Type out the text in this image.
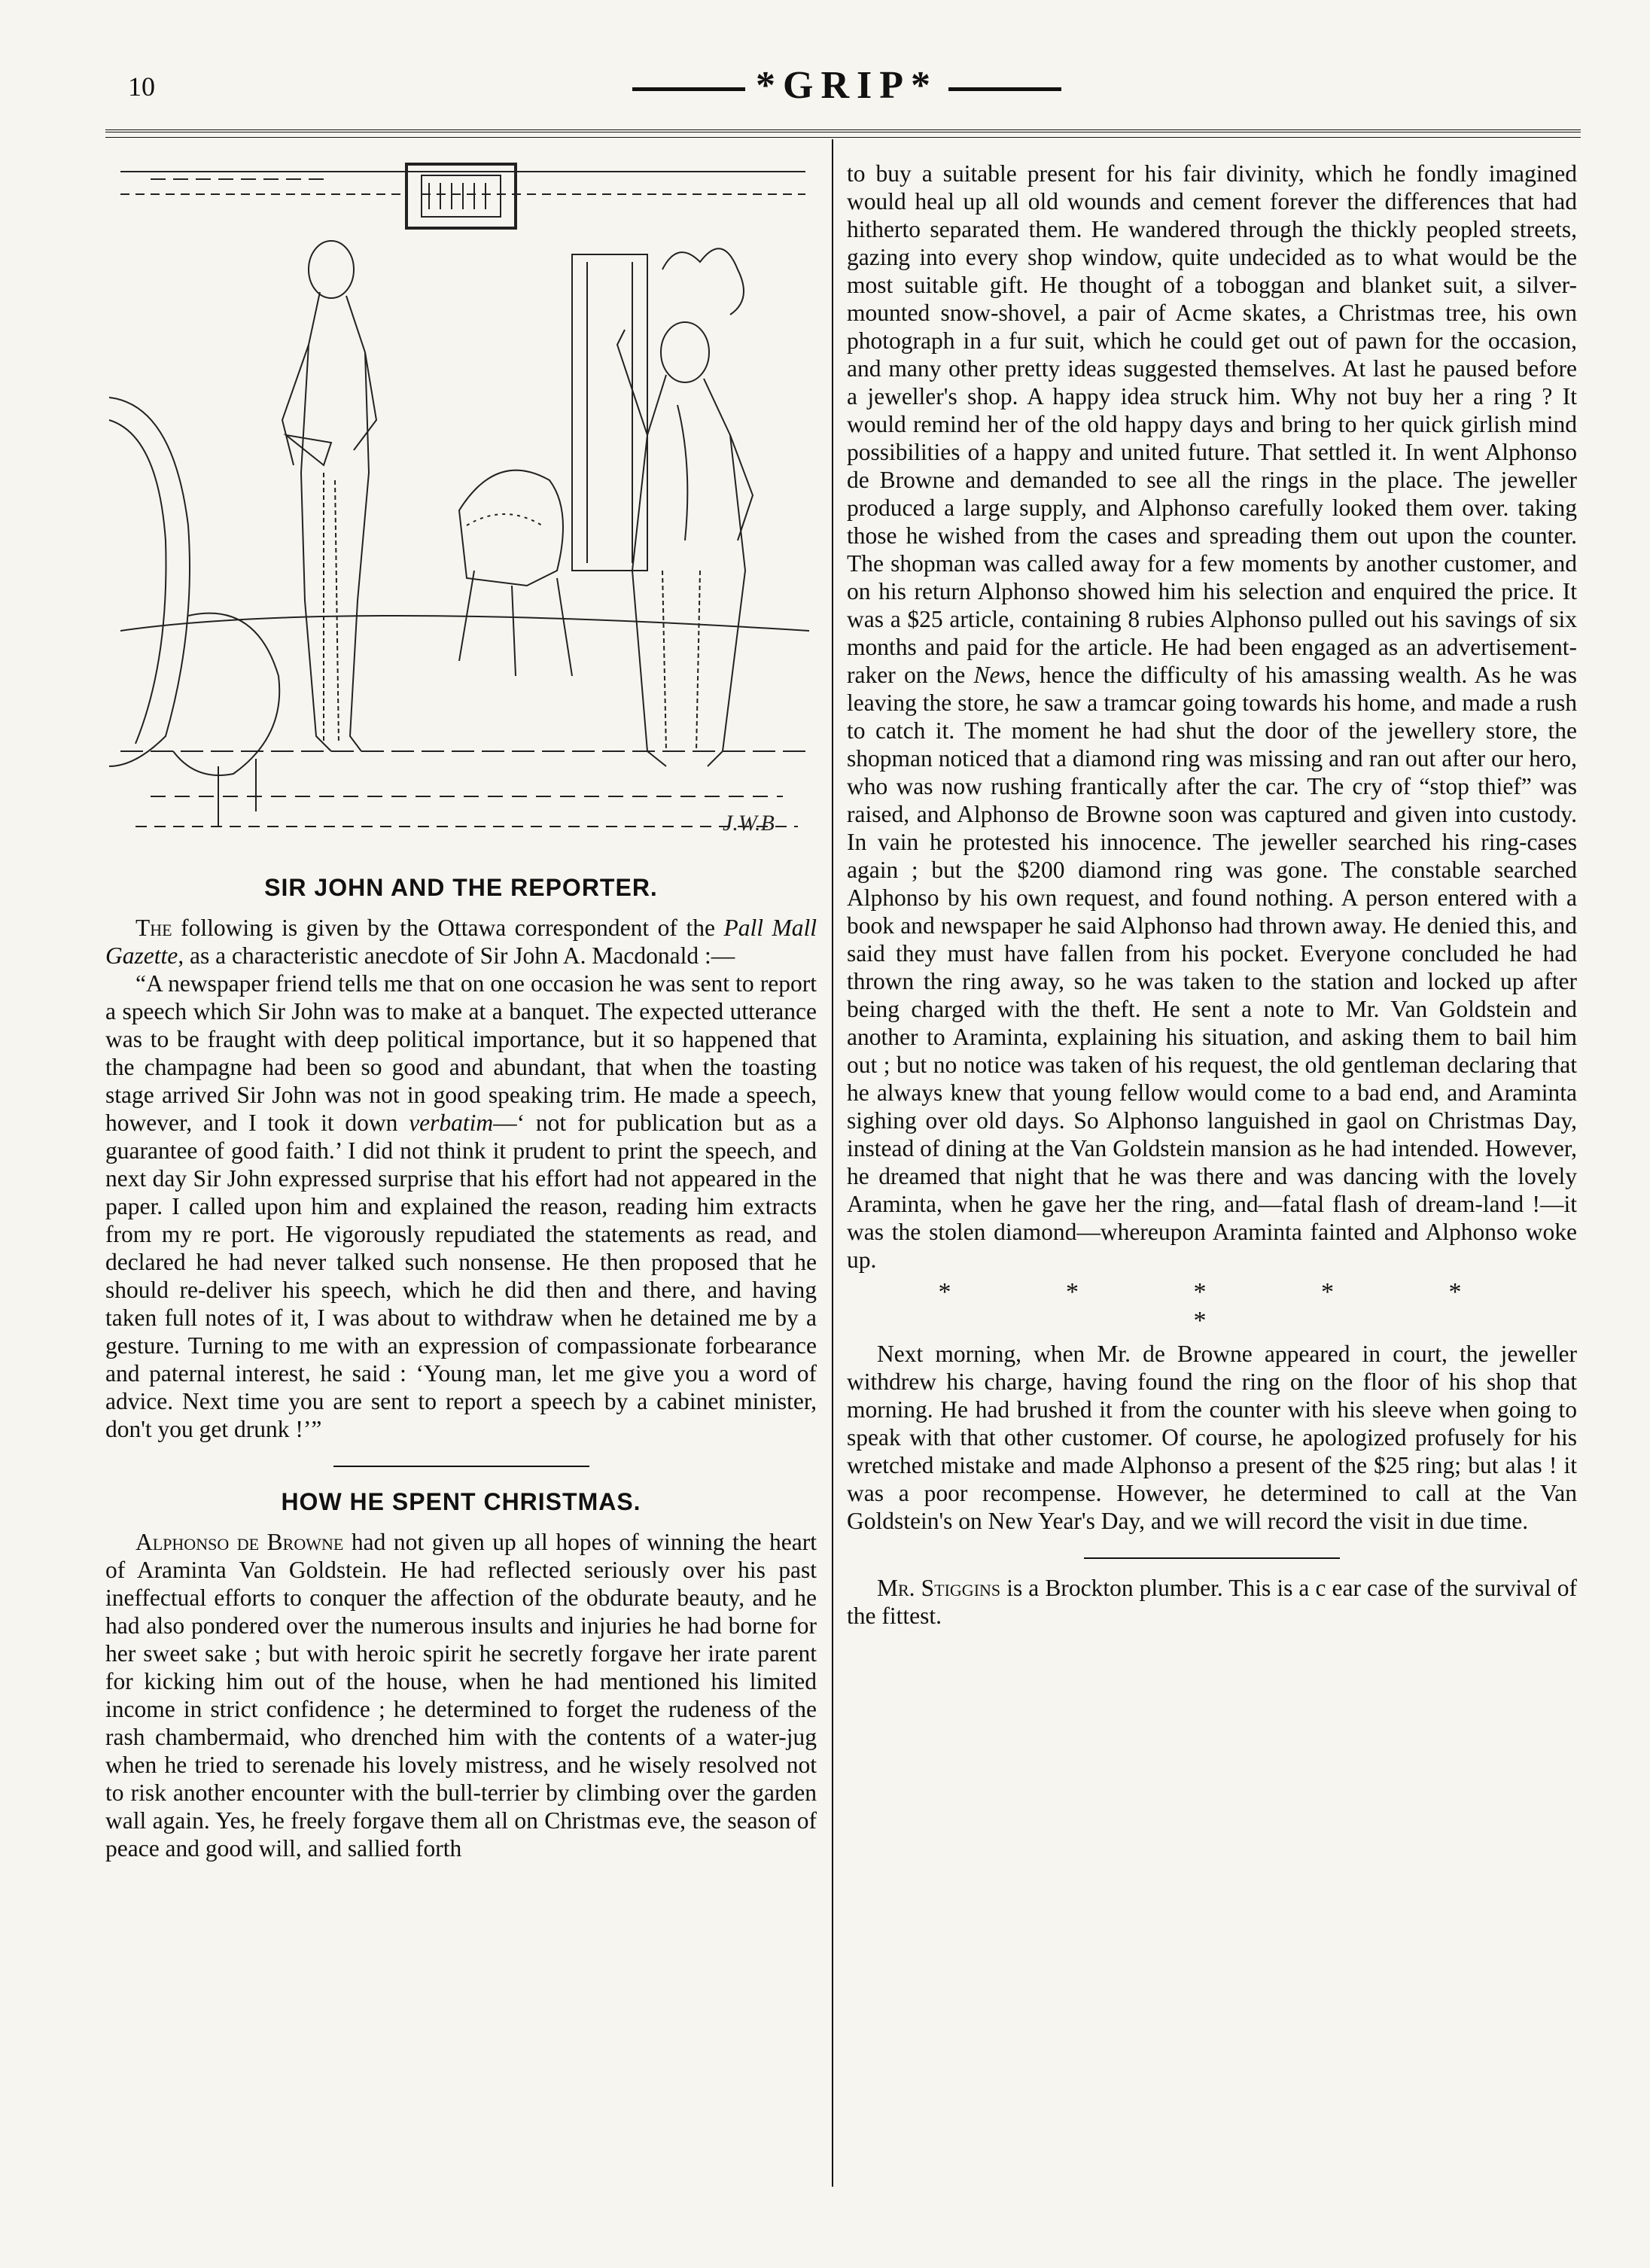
10	*GRIP*
J.W.B
SIR JOHN AND THE REPORTER.

The following is given by the Ottawa correspondent of the Pall Mall Gazette, as a characteristic anecdote of Sir John A. Macdonald :—

“A newspaper friend tells me that on one occasion he was sent to report a speech which Sir John was to make at a banquet. The expected utterance was to be fraught with deep political importance, but it so happened that the champagne had been so good and abundant, that when the toasting stage arrived Sir John was not in good speaking trim. He made a speech, however, and I took it down verbatim—‘ not for publication but as a guarantee of good faith.’ I did not think it prudent to print the speech, and next day Sir John expressed surprise that his effort had not appeared in the paper. I called upon him and explained the reason, reading him extracts from my re port. He vigorously repudiated the statements as read, and declared he had never talked such nonsense. He then proposed that he should re-deliver his speech, which he did then and there, and having taken full notes of it, I was about to withdraw when he detained me by a gesture. Turning to me with an expression of compassionate forbearance and paternal interest, he said : ‘Young man, let me give you a word of advice. Next time you are sent to report a speech by a cabinet minister, don't you get drunk !’”

HOW HE SPENT CHRISTMAS.

Alphonso de Browne had not given up all hopes of winning the heart of Araminta Van Goldstein. He had reflected seriously over his past ineffectual efforts to conquer the affection of the obdurate beauty, and he had also pondered over the numerous insults and injuries he had borne for her sweet sake ; but with heroic spirit he secretly forgave her irate parent for kicking him out of the house, when he had mentioned his limited income in strict confidence ; he determined to forget the rudeness of the rash chambermaid, who drenched him with the contents of a water-jug when he tried to serenade his lovely mistress, and he wisely resolved not to risk another encounter with the bull-terrier by climbing over the garden wall again. Yes, he freely forgave them all on Christmas eve, the season of peace and good will, and sallied forth

to buy a suitable present for his fair divinity, which he fondly imagined would heal up all old wounds and cement forever the differences that had hitherto separated them. He wandered through the thickly peopled streets, gazing into every shop window, quite undecided as to what would be the most suitable gift. He thought of a toboggan and blanket suit, a silver-mounted snow-shovel, a pair of Acme skates, a Christmas tree, his own photograph in a fur suit, which he could get out of pawn for the occasion, and many other pretty ideas suggested themselves. At last he paused before a jeweller's shop. A happy idea struck him. Why not buy her a ring ? It would remind her of the old happy days and bring to her quick girlish mind possibilities of a happy and united future. That settled it. In went Alphonso de Browne and demanded to see all the rings in the place. The jeweller produced a large supply, and Alphonso carefully looked them over. taking those he wished from the cases and spreading them out upon the counter. The shopman was called away for a few moments by another customer, and on his return Alphonso showed him his selection and enquired the price. It was a $25 article, containing 8 rubies Alphonso pulled out his savings of six months and paid for the article. He had been engaged as an advertisement-raker on the News, hence the difficulty of his amassing wealth. As he was leaving the store, he saw a tramcar going towards his home, and made a rush to catch it. The moment he had shut the door of the jewellery store, the shopman noticed that a diamond ring was missing and ran out after our hero, who was now rushing frantically after the car. The cry of “stop thief” was raised, and Alphonso de Browne soon was captured and given into custody. In vain he protested his innocence. The jeweller searched his ring-cases again ; but the $200 diamond ring was gone. The constable searched Alphonso by his own request, and found nothing. A person entered with a book and newspaper he said Alphonso had thrown away. He denied this, and said they must have fallen from his pocket. Everyone concluded he had thrown the ring away, so he was taken to the station and locked up after being charged with the theft. He sent a note to Mr. Van Goldstein and another to Araminta, explaining his situation, and asking them to bail him out ; but no notice was taken of his request, the old gentleman declaring that he always knew that young fellow would come to a bad end, and Araminta sighing over old days. So Alphonso languished in gaol on Christmas Day, instead of dining at the Van Goldstein mansion as he had intended. However, he dreamed that night that he was there and was dancing with the lovely Araminta, when he gave her the ring, and—fatal flash of dream-land !—it was the stolen diamond—whereupon Araminta fainted and Alphonso woke up.

* * * * * *

Next morning, when Mr. de Browne appeared in court, the jeweller withdrew his charge, having found the ring on the floor of his shop that morning. He had brushed it from the counter with his sleeve when going to speak with that other customer. Of course, he apologized profusely for his wretched mistake and made Alphonso a present of the $25 ring; but alas ! it was a poor recompense. However, he determined to call at the Van Goldstein's on New Year's Day, and we will record the visit in due time.

Mr. Stiggins is a Brockton plumber. This is a c ear case of the survival of the fittest.
